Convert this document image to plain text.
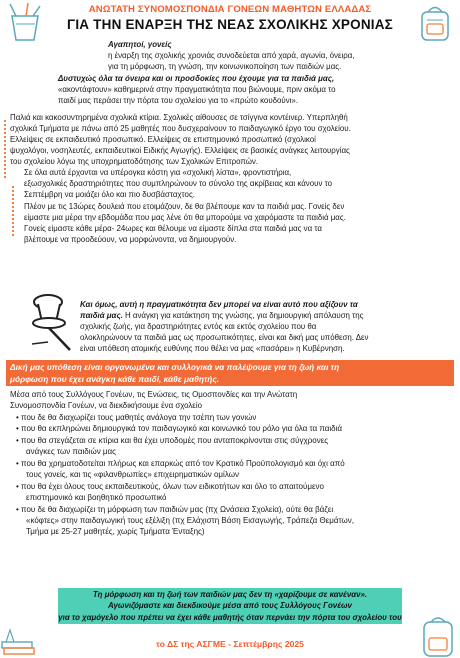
ΑΝΩΤΑΤΗ ΣΥΝΟΜΟΣΠΟΝΔΙΑ ΓΟΝΕΩΝ ΜΑΘΗΤΩΝ ΕΛΛΑΔΑΣ
ΓΙΑ ΤΗΝ ΕΝΑΡΞΗ ΤΗΣ ΝΕΑΣ ΣΧΟΛΙΚΗΣ ΧΡΟΝΙΑΣ
Αγαπητοί, γονείς
η έναρξη της σχολικής χρονιάς συνοδεύεται από χαρά, αγωνία, όνειρα,
για τη μόρφωση, τη γνώση, την κοινωνικοποίηση των παιδιών μας.
Δυστυχώς όλα τα όνειρα και οι προσδοκίες που έχουμε για τα παιδιά μας,
«ακοντάφτουν» καθημερινά στην πραγματικότητα που βιώνουμε, πριν ακόμα το
παιδί μας περάσει την πόρτα του σχολείου για το «πρώτο κουδούνι».
Παλιά και κακοσυντηρημένα σχολικά κτίρια. Σχολικές αίθουσες σε τσίγγινα κοντέινερ. Υπερπληθή
σχολικά Τμήματα με πάνω από 25 μαθητές που δυσχεραίνουν το παιδαγωγικό έργο του σχολείου.
Ελλείψεις σε εκπαιδευτικό προσωπικό. Ελλείψεις σε επιστημονικό προσωπικό (σχολικοί
ψυχολόγοι, νοσηλευτές, εκπαιδευτικοί Ειδικής Αγωγής). Ελλείψεις σε βασικές ανάγκες λειτουργίας
του σχολείου λόγω της υποχρηματοδότησης των Σχολικών Επιτροπών.
Σε όλα αυτά έρχονται να υπέρογκα κόστη για «σχολική λίστα», φροντιστήρια,
εξωσχολικές δραστηριότητες που συμπληρώνουν το σύνολο της ακρίβειας και κάνουν το
Σεπτέμβρη να μοιάζει όλο και πιο δυσβάσταχτος.
Πλέον με τις 13ώρες δουλειά που ετοιμάζουν, δε θα βλέπουμε καν τα παιδιά μας. Γονείς δεν
είμαστε μια μέρα την εβδομάδα που μας λένε ότι θα μπορούμε να χαιρόμαστε τα παιδιά μας.
Γονείς είμαστε κάθε μέρα- 24ωρες και θέλουμε να είμαστε δίπλα στα παιδιά μας να τα
βλέπουμε να προοδεύουν, να μορφώνοντα, να δημιουργούν.
Και όμως, αυτή η πραγματικότητα δεν μπορεί να είναι αυτό που αξίζουν τα
παιδιά μας. Η ανάγκη για κατάκτηση της γνώσης, για δημιουργική απόλαυση της
σχολικής ζωής, για δραστηριότητες εντός και εκτός σχολείου που θα
ολοκληρώνουν τα παιδιά μας ως προσωπικότητες, είναι και δική μας υπόθεση. Δεν
είναι υπόθεση ατομικής ευθύνης που θέλει να μας «πασάρει» η Κυβέρνηση.
Δική μας υπόθεση είναι οργανωμένα και συλλογικά να παλέψουμε για τη ζωή και τη
μόρφωση που έχει ανάγκη κάθε παιδί, κάθε μαθητής.
Μέσα από τους Συλλόγους Γονέων, τις Ενώσεις, τις Ομοσπονδίες και την Ανώτατη
Συνομοσπονδία Γονέων, να διεκδικήσουμε ένα σχολείο
• που δε θα διαχωρίζει τους μαθητές ανάλογα την τσέπη των γονιών
• που θα εκπληρώνει δημιουργικά τον παιδαγωγικό και κοινωνικό του ρόλο για όλα τα παιδιά
• που θα στεγάζεται σε κτίρια και θα έχει υποδομές που ανταποκρίνονται στις σύγχρονες
ανάγκες των παιδιών μας
• που θα χρηματοδοτείται πλήρως και επαρκώς από τον Κρατικό Προϋπολογισμό και όχι από
τους γονείς, και τις «φιλανθρωπίες» επιχειρηματικών ομίλων
• που θα έχει όλους τους εκπαιδευτικούς, όλων των ειδικοτήτων και όλο το απαιτούμενο
επιστημονικό και βοηθητικό προσωπικό
• που δε θα διαχωρίζει τη μόρφωση των παιδιών μας (πχ Ωνάσεια Σχολεία), ούτε θα βάζει
«κόφτες» στην παιδαγωγική τους εξέλιξη (πχ Ελάχιστη Βάση Εισαγωγής, Τράπεζα Θεμάτων,
Τμήμα με 25-27 μαθητές, χωρίς Τμήματα Ένταξης)
Τη μόρφωση και τη ζωή των παιδιών μας δεν τη «χαρίζουμε σε κανέναν».
Αγωνιζόμαστε και διεκδικούμε μέσα από τους Συλλόγους Γονέων
για το χαμόγελο που πρέπει να έχει κάθε μαθητής όταν περνάει την πόρτα του σχολείου του
το ΔΣ της ΑΣΓΜΕ - Σεπτέμβρης 2025
